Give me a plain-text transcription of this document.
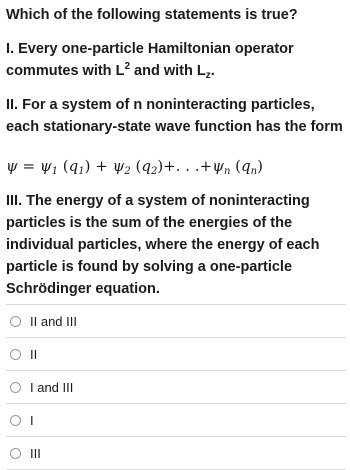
Which of the following statements is true?
I. Every one-particle Hamiltonian operator commutes with $L^2$ and with $L_z$.
II. For a system of n noninteracting particles, each stationary-state wave function has the form
$\psi = \psi_1$ $(q_1) + \psi_2$ $(q_2)+$. . $.+\psi_n$ $(q_n)$
III. The energy of a system of noninteracting particles is the sum of the energies of the individual particles, where the energy of each particle is found by solving a one-particle Schrödinger equation.
II and III
II
I and III
I
III
